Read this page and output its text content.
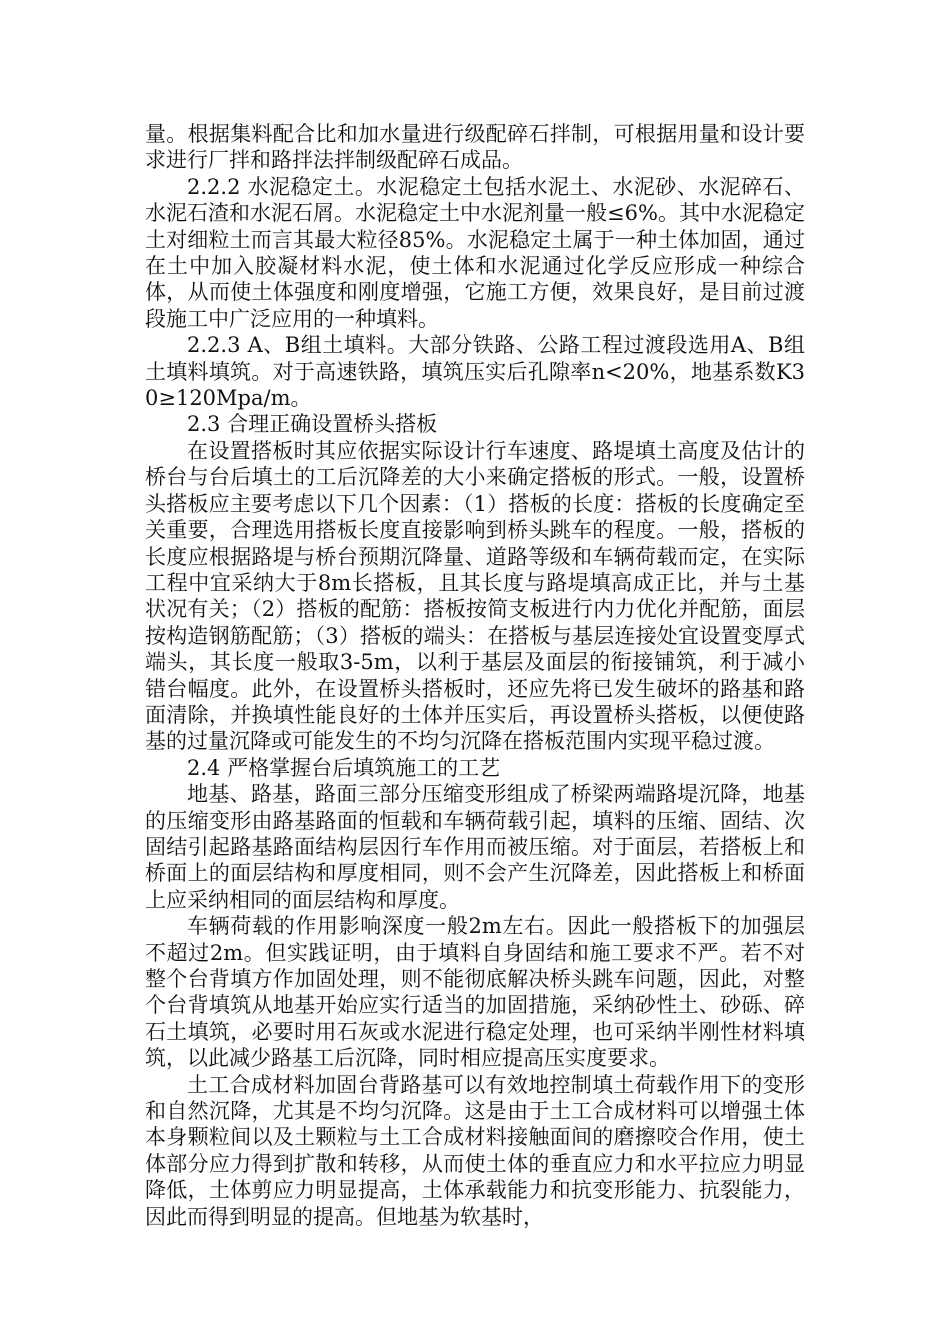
量。根据集料配合比和加水量进行级配碎石拌制，可根据用量和设计要求进行厂拌和路拌法拌制级配碎石成品。

2.2.2 水泥稳定土。水泥稳定土包括水泥土、水泥砂、水泥碎石、水泥石渣和水泥石屑。水泥稳定土中水泥剂量一般≤6%。其中水泥稳定土对细粒土而言其最大粒径85%。水泥稳定土属于一种土体加固，通过在土中加入胶凝材料水泥，使土体和水泥通过化学反应形成一种综合体，从而使土体强度和刚度增强，它施工方便，效果良好，是目前过渡段施工中广泛应用的一种填料。

2.2.3 A、B组土填料。大部分铁路、公路工程过渡段选用A、B组土填料填筑。对于高速铁路，填筑压实后孔隙率n<20%，地基系数K30≥120Mpa/m。

2.3 合理正确设置桥头搭板

在设置搭板时其应依据实际设计行车速度、路堤填土高度及估计的桥台与台后填土的工后沉降差的大小来确定搭板的形式。一般，设置桥头搭板应主要考虑以下几个因素：（1）搭板的长度：搭板的长度确定至关重要，合理选用搭板长度直接影响到桥头跳车的程度。一般，搭板的长度应根据路堤与桥台预期沉降量、道路等级和车辆荷载而定，在实际工程中宜采纳大于8m长搭板，且其长度与路堤填高成正比，并与土基状况有关；（2）搭板的配筋：搭板按简支板进行内力优化并配筋，面层按构造钢筋配筋；（3）搭板的端头：在搭板与基层连接处宜设置变厚式端头，其长度一般取3-5m，以利于基层及面层的衔接铺筑，利于减小错台幅度。此外，在设置桥头搭板时，还应先将已发生破坏的路基和路面清除，并换填性能良好的土体并压实后，再设置桥头搭板，以便使路基的过量沉降或可能发生的不均匀沉降在搭板范围内实现平稳过渡。

2.4 严格掌握台后填筑施工的工艺

地基、路基，路面三部分压缩变形组成了桥梁两端路堤沉降，地基的压缩变形由路基路面的恒载和车辆荷载引起，填料的压缩、固结、次固结引起路基路面结构层因行车作用而被压缩。对于面层，若搭板上和桥面上的面层结构和厚度相同，则不会产生沉降差，因此搭板上和桥面上应采纳相同的面层结构和厚度。

车辆荷载的作用影响深度一般2m左右。因此一般搭板下的加强层不超过2m。但实践证明，由于填料自身固结和施工要求不严。若不对整个台背填方作加固处理，则不能彻底解决桥头跳车问题，因此，对整个台背填筑从地基开始应实行适当的加固措施，采纳砂性土、砂砾、碎石土填筑，必要时用石灰或水泥进行稳定处理，也可采纳半刚性材料填筑，以此减少路基工后沉降，同时相应提高压实度要求。

土工合成材料加固台背路基可以有效地控制填土荷载作用下的变形和自然沉降，尤其是不均匀沉降。这是由于土工合成材料可以增强土体本身颗粒间以及土颗粒与土工合成材料接触面间的磨擦咬合作用，使土体部分应力得到扩散和转移，从而使土体的垂直应力和水平拉应力明显降低，土体剪应力明显提高，土体承载能力和抗变形能力、抗裂能力，因此而得到明显的提高。但地基为软基时，
